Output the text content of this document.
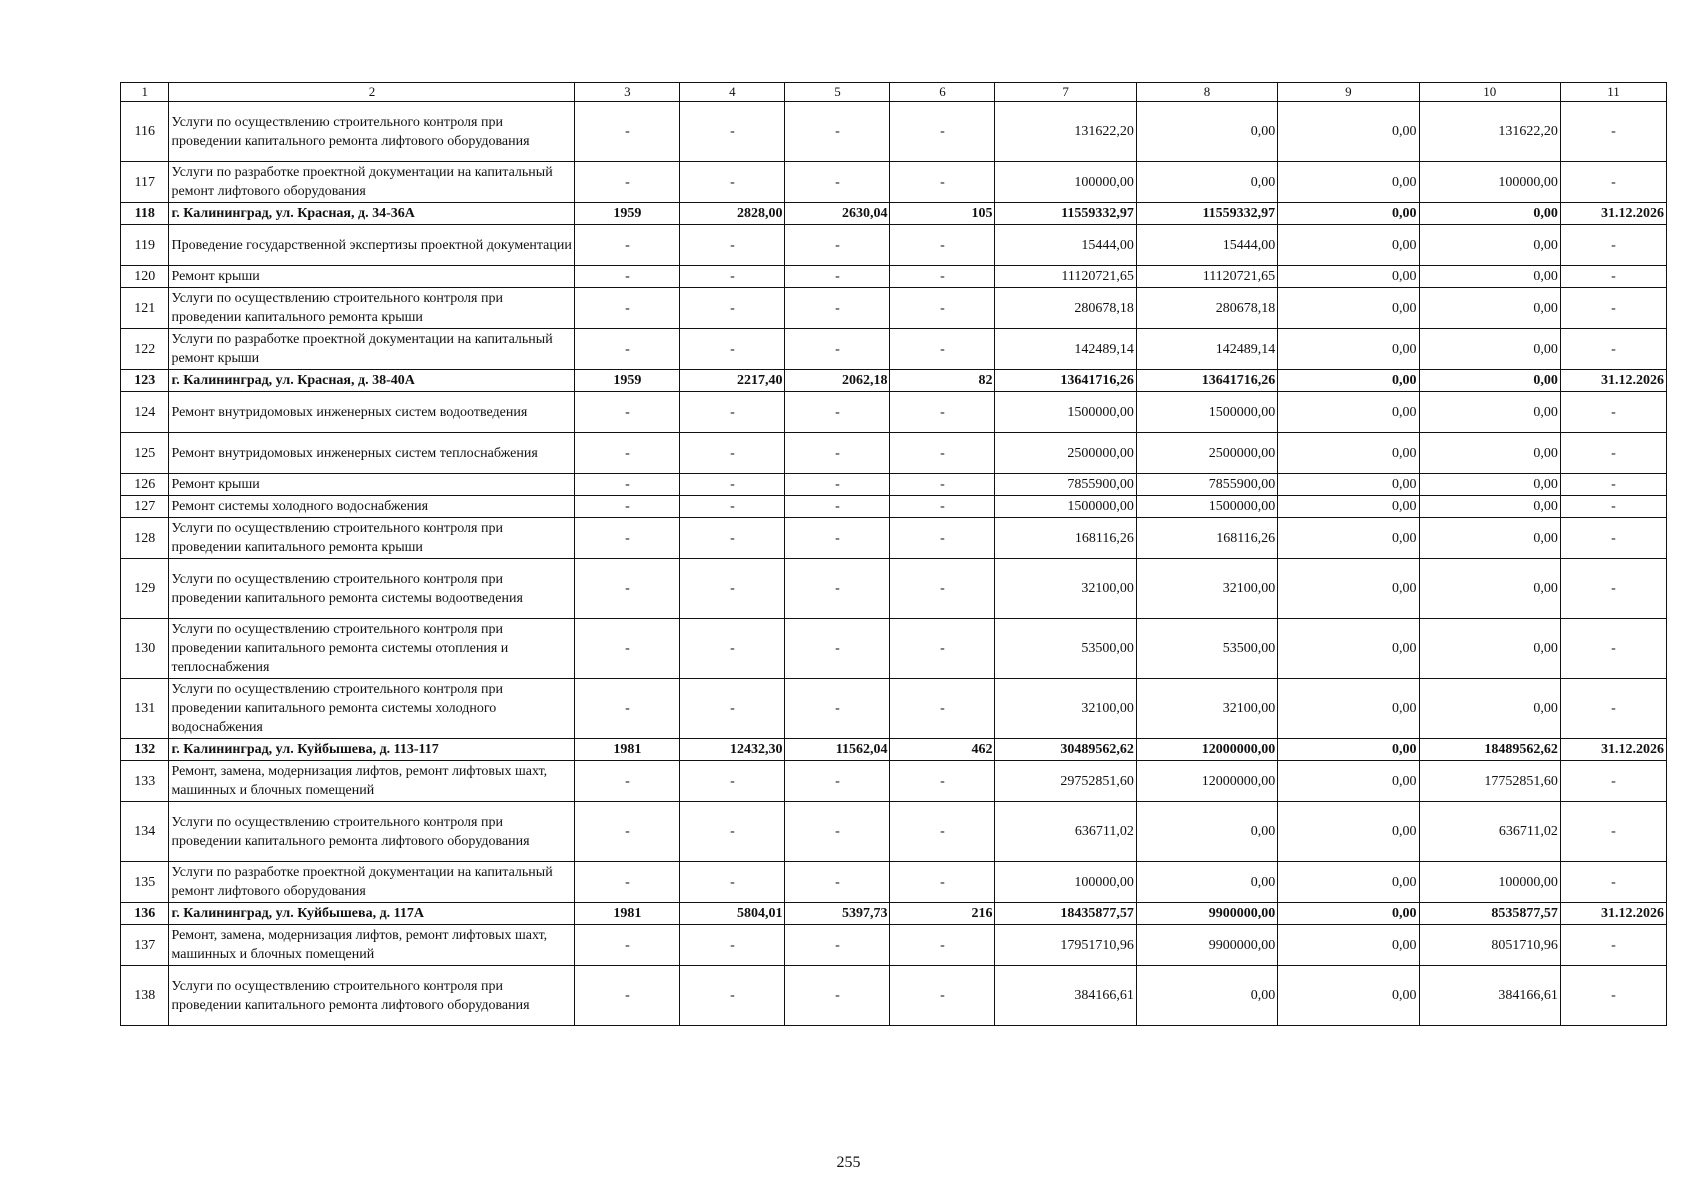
1	2	3	4	5	6	7	8	9	10	11
116	Услуги по осуществлению строительного контроля при проведении капитального ремонта лифтового оборудования	-	-	-	-	131622,20	0,00	0,00	131622,20	-
117	Услуги по разработке проектной документации на капитальный ремонт лифтового оборудования	-	-	-	-	100000,00	0,00	0,00	100000,00	-
118	г. Калининград, ул. Красная, д. 34-36А	1959	2828,00	2630,04	105	11559332,97	11559332,97	0,00	0,00	31.12.2026
119	Проведение государственной экспертизы проектной документации	-	-	-	-	15444,00	15444,00	0,00	0,00	-
120	Ремонт крыши	-	-	-	-	11120721,65	11120721,65	0,00	0,00	-
121	Услуги по осуществлению строительного контроля при проведении капитального ремонта крыши	-	-	-	-	280678,18	280678,18	0,00	0,00	-
122	Услуги по разработке проектной документации на капитальный ремонт крыши	-	-	-	-	142489,14	142489,14	0,00	0,00	-
123	г. Калининград, ул. Красная, д. 38-40А	1959	2217,40	2062,18	82	13641716,26	13641716,26	0,00	0,00	31.12.2026
124	Ремонт внутридомовых инженерных систем водоотведения	-	-	-	-	1500000,00	1500000,00	0,00	0,00	-
125	Ремонт внутридомовых инженерных систем теплоснабжения	-	-	-	-	2500000,00	2500000,00	0,00	0,00	-
126	Ремонт крыши	-	-	-	-	7855900,00	7855900,00	0,00	0,00	-
127	Ремонт системы холодного водоснабжения	-	-	-	-	1500000,00	1500000,00	0,00	0,00	-
128	Услуги по осуществлению строительного контроля при проведении капитального ремонта крыши	-	-	-	-	168116,26	168116,26	0,00	0,00	-
129	Услуги по осуществлению строительного контроля при проведении капитального ремонта системы водоотведения	-	-	-	-	32100,00	32100,00	0,00	0,00	-
130	Услуги по осуществлению строительного контроля при проведении капитального ремонта системы отопления и теплоснабжения	-	-	-	-	53500,00	53500,00	0,00	0,00	-
131	Услуги по осуществлению строительного контроля при проведении капитального ремонта системы холодного водоснабжения	-	-	-	-	32100,00	32100,00	0,00	0,00	-
132	г. Калининград, ул. Куйбышева, д. 113-117	1981	12432,30	11562,04	462	30489562,62	12000000,00	0,00	18489562,62	31.12.2026
133	Ремонт, замена, модернизация лифтов, ремонт лифтовых шахт, машинных и блочных помещений	-	-	-	-	29752851,60	12000000,00	0,00	17752851,60	-
134	Услуги по осуществлению строительного контроля при проведении капитального ремонта лифтового оборудования	-	-	-	-	636711,02	0,00	0,00	636711,02	-
135	Услуги по разработке проектной документации на капитальный ремонт лифтового оборудования	-	-	-	-	100000,00	0,00	0,00	100000,00	-
136	г. Калининград, ул. Куйбышева, д. 117А	1981	5804,01	5397,73	216	18435877,57	9900000,00	0,00	8535877,57	31.12.2026
137	Ремонт, замена, модернизация лифтов, ремонт лифтовых шахт, машинных и блочных помещений	-	-	-	-	17951710,96	9900000,00	0,00	8051710,96	-
138	Услуги по осуществлению строительного контроля при проведении капитального ремонта лифтового оборудования	-	-	-	-	384166,61	0,00	0,00	384166,61	-
255
